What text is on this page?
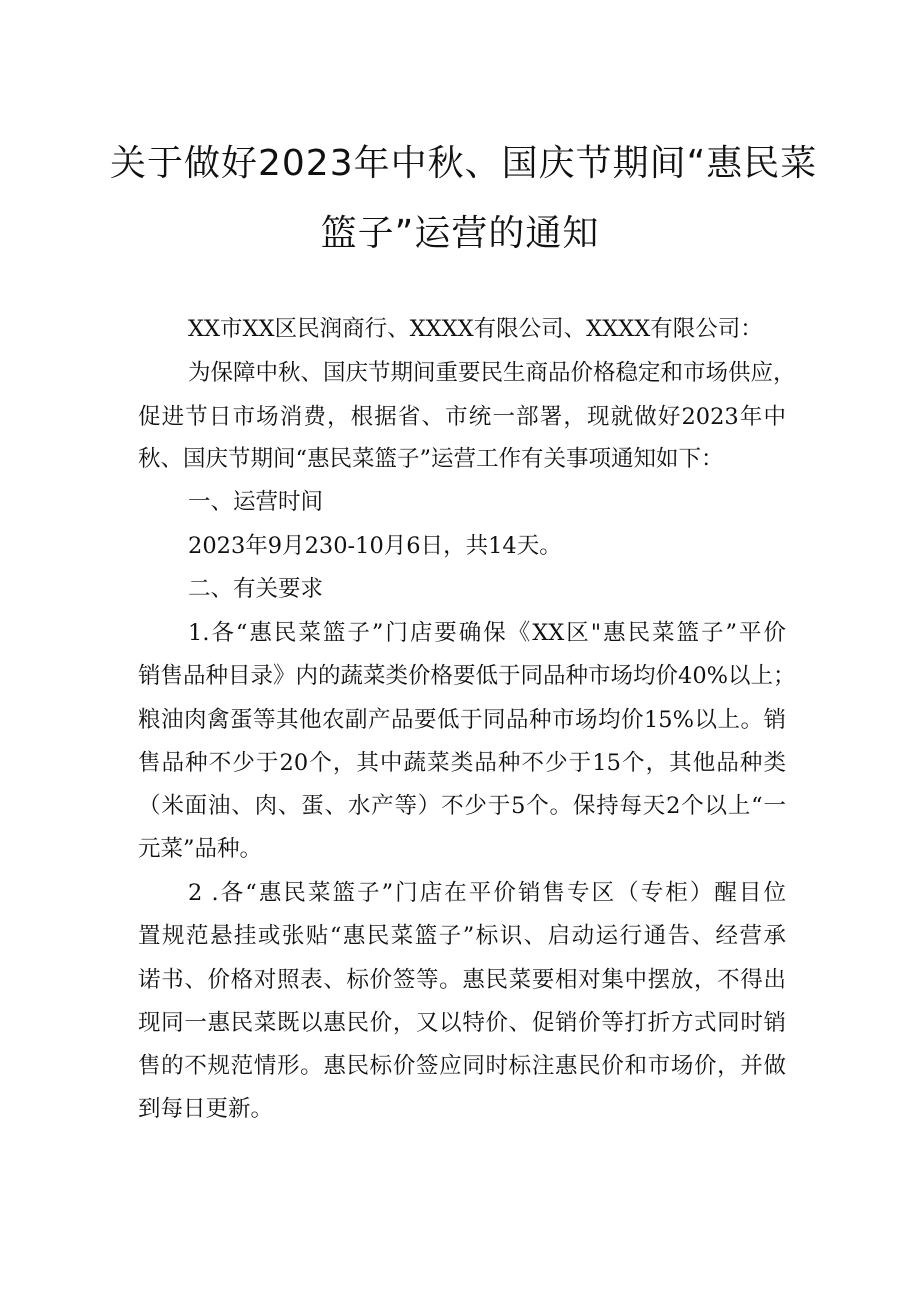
关于做好2023年中秋、国庆节期间“惠民菜
篮子”运营的通知
XX市XX区民润商行、XXXX有限公司、XXXX有限公司：
为保障中秋、国庆节期间重要民生商品价格稳定和市场供应，
促进节日市场消费，根据省、市统一部署，现就做好2023年中
秋、国庆节期间“惠民菜篮子”运营工作有关事项通知如下：
一、运营时间
2023年9月230-10月6日，共14天。
二、有关要求
1.各“惠民菜篮子”门店要确保《XX区"惠民菜篮子”平价
销售品种目录》内的蔬菜类价格要低于同品种市场均价40%以上；
粮油肉禽蛋等其他农副产品要低于同品种市场均价15%以上。销
售品种不少于20个，其中蔬菜类品种不少于15个，其他品种类
（米面油、肉、蛋、水产等）不少于5个。保持每天2个以上“一
元菜”品种。
2 .各“惠民菜篮子”门店在平价销售专区（专柜）醒目位
置规范悬挂或张贴“惠民菜篮子”标识、启动运行通告、经营承
诺书、价格对照表、标价签等。惠民菜要相对集中摆放，不得出
现同一惠民菜既以惠民价，又以特价、促销价等打折方式同时销
售的不规范情形。惠民标价签应同时标注惠民价和市场价，并做
到每日更新。
